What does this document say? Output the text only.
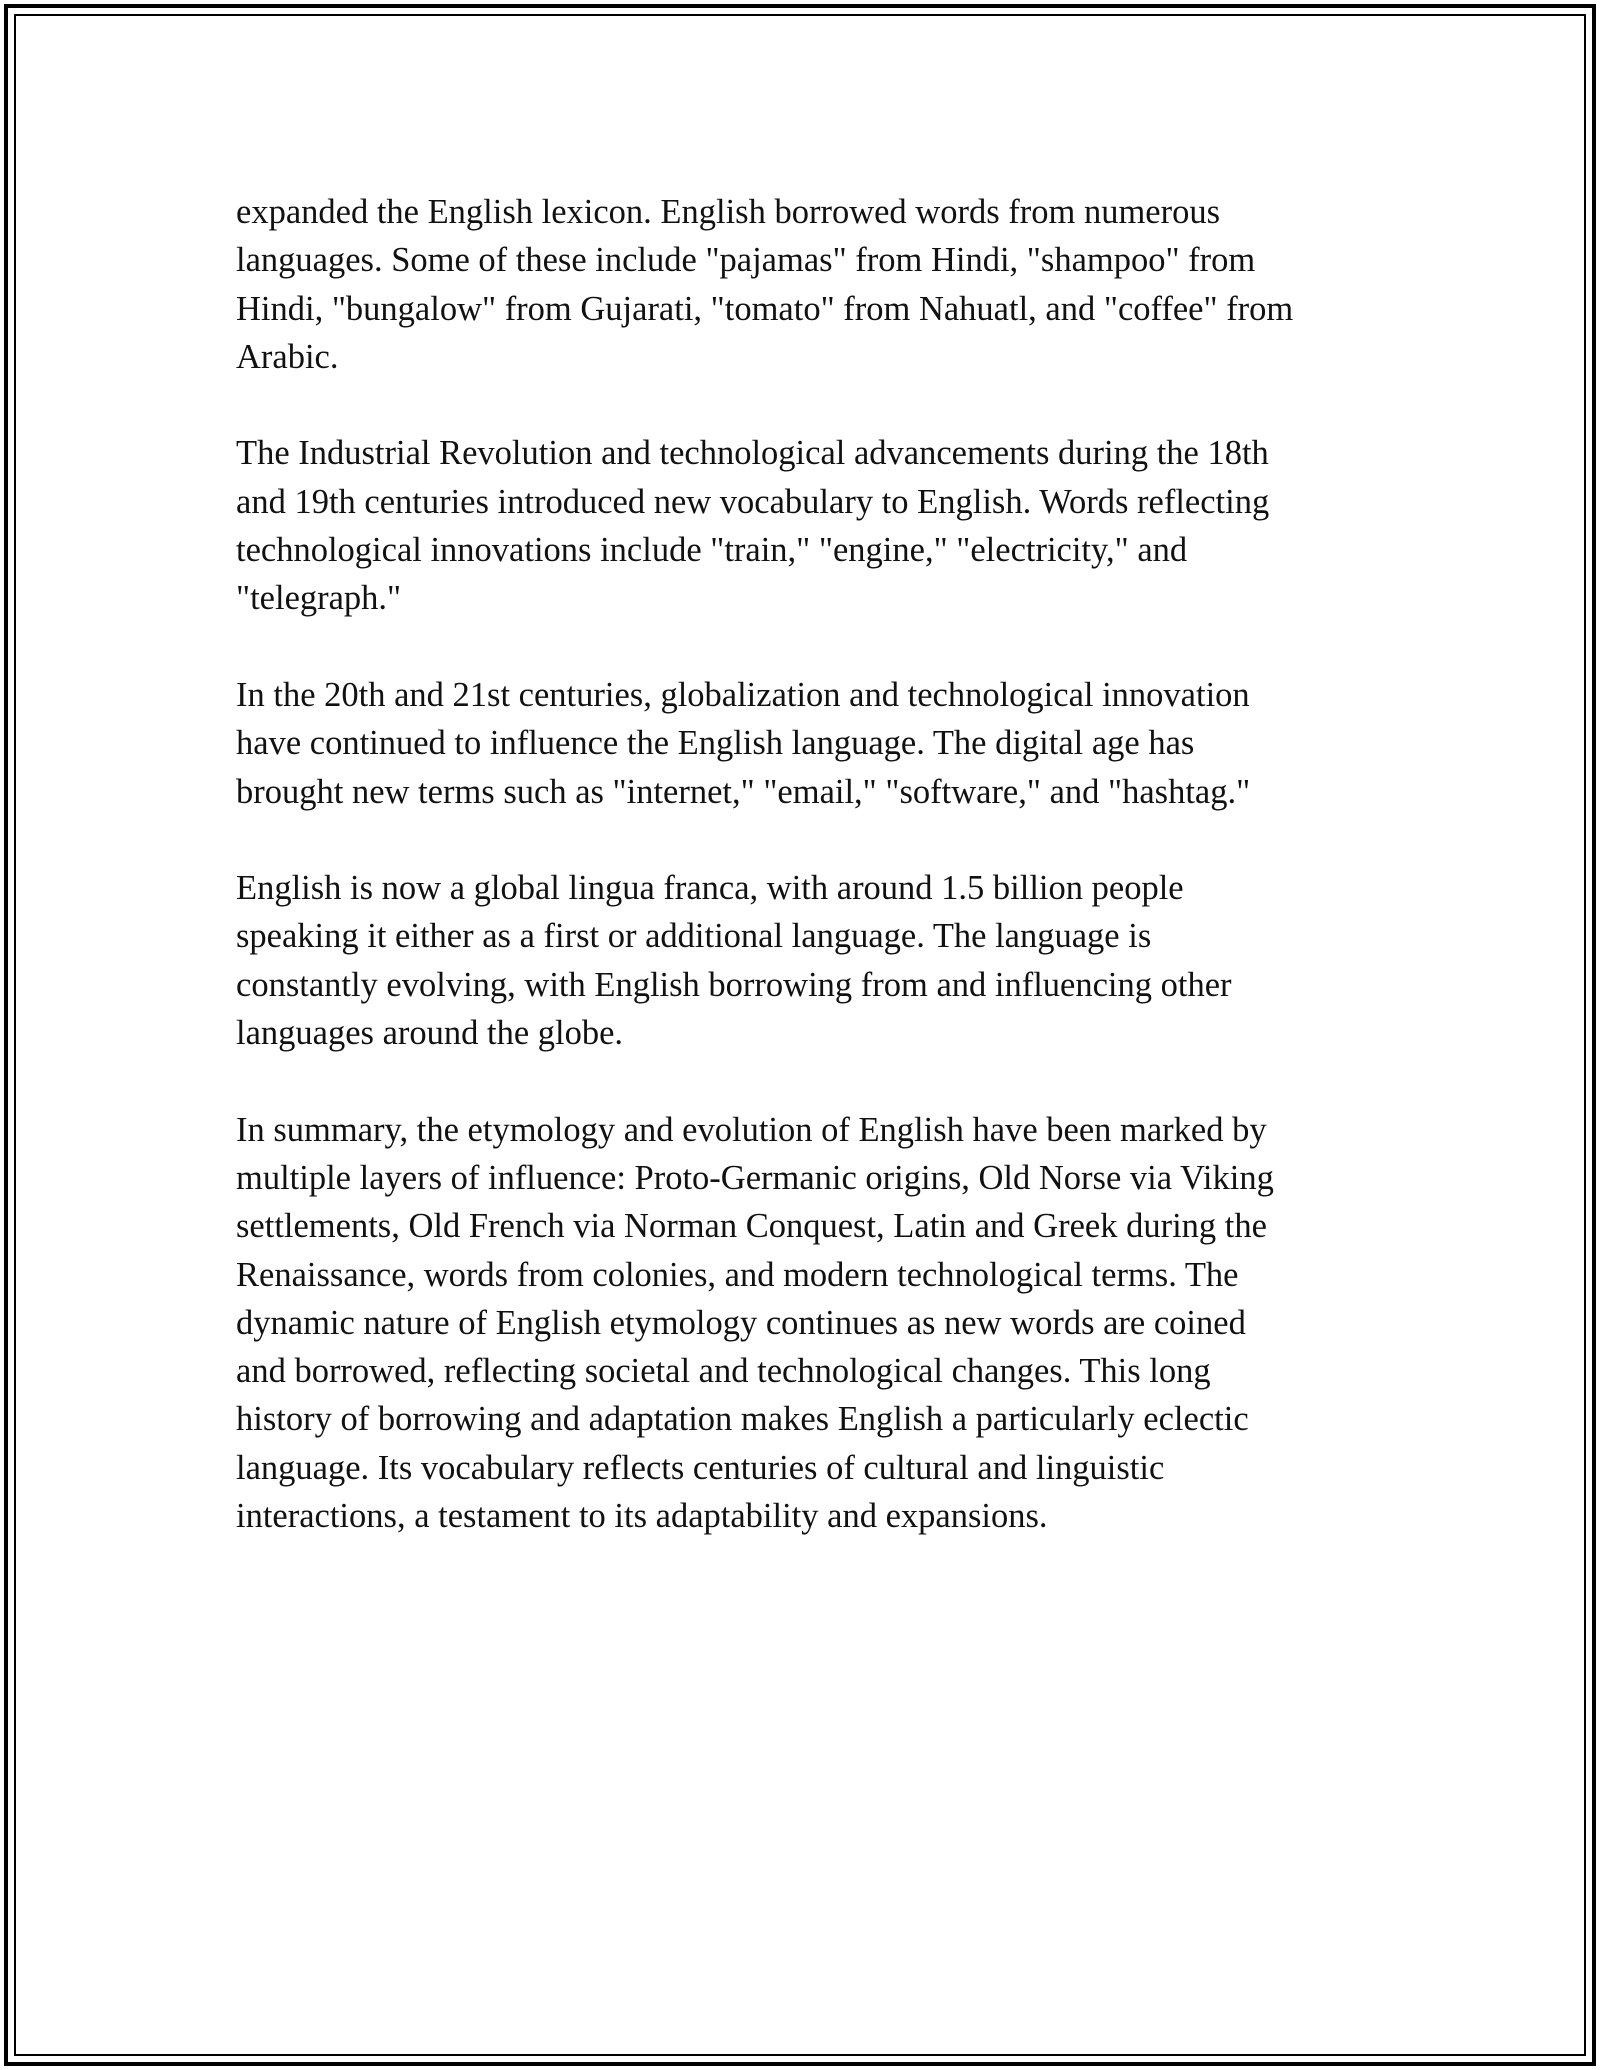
expanded the English lexicon. English borrowed words from numerous
languages. Some of these include "pajamas" from Hindi, "shampoo" from
Hindi, "bungalow" from Gujarati, "tomato" from Nahuatl, and "coffee" from
Arabic.

The Industrial Revolution and technological advancements during the 18th
and 19th centuries introduced new vocabulary to English. Words reflecting
technological innovations include "train," "engine," "electricity," and
"telegraph."

In the 20th and 21st centuries, globalization and technological innovation
have continued to influence the English language. The digital age has
brought new terms such as "internet," "email," "software," and "hashtag."

English is now a global lingua franca, with around 1.5 billion people
speaking it either as a first or additional language. The language is
constantly evolving, with English borrowing from and influencing other
languages around the globe.

In summary, the etymology and evolution of English have been marked by
multiple layers of influence: Proto-Germanic origins, Old Norse via Viking
settlements, Old French via Norman Conquest, Latin and Greek during the
Renaissance, words from colonies, and modern technological terms. The
dynamic nature of English etymology continues as new words are coined
and borrowed, reflecting societal and technological changes. This long
history of borrowing and adaptation makes English a particularly eclectic
language. Its vocabulary reflects centuries of cultural and linguistic
interactions, a testament to its adaptability and expansions.
